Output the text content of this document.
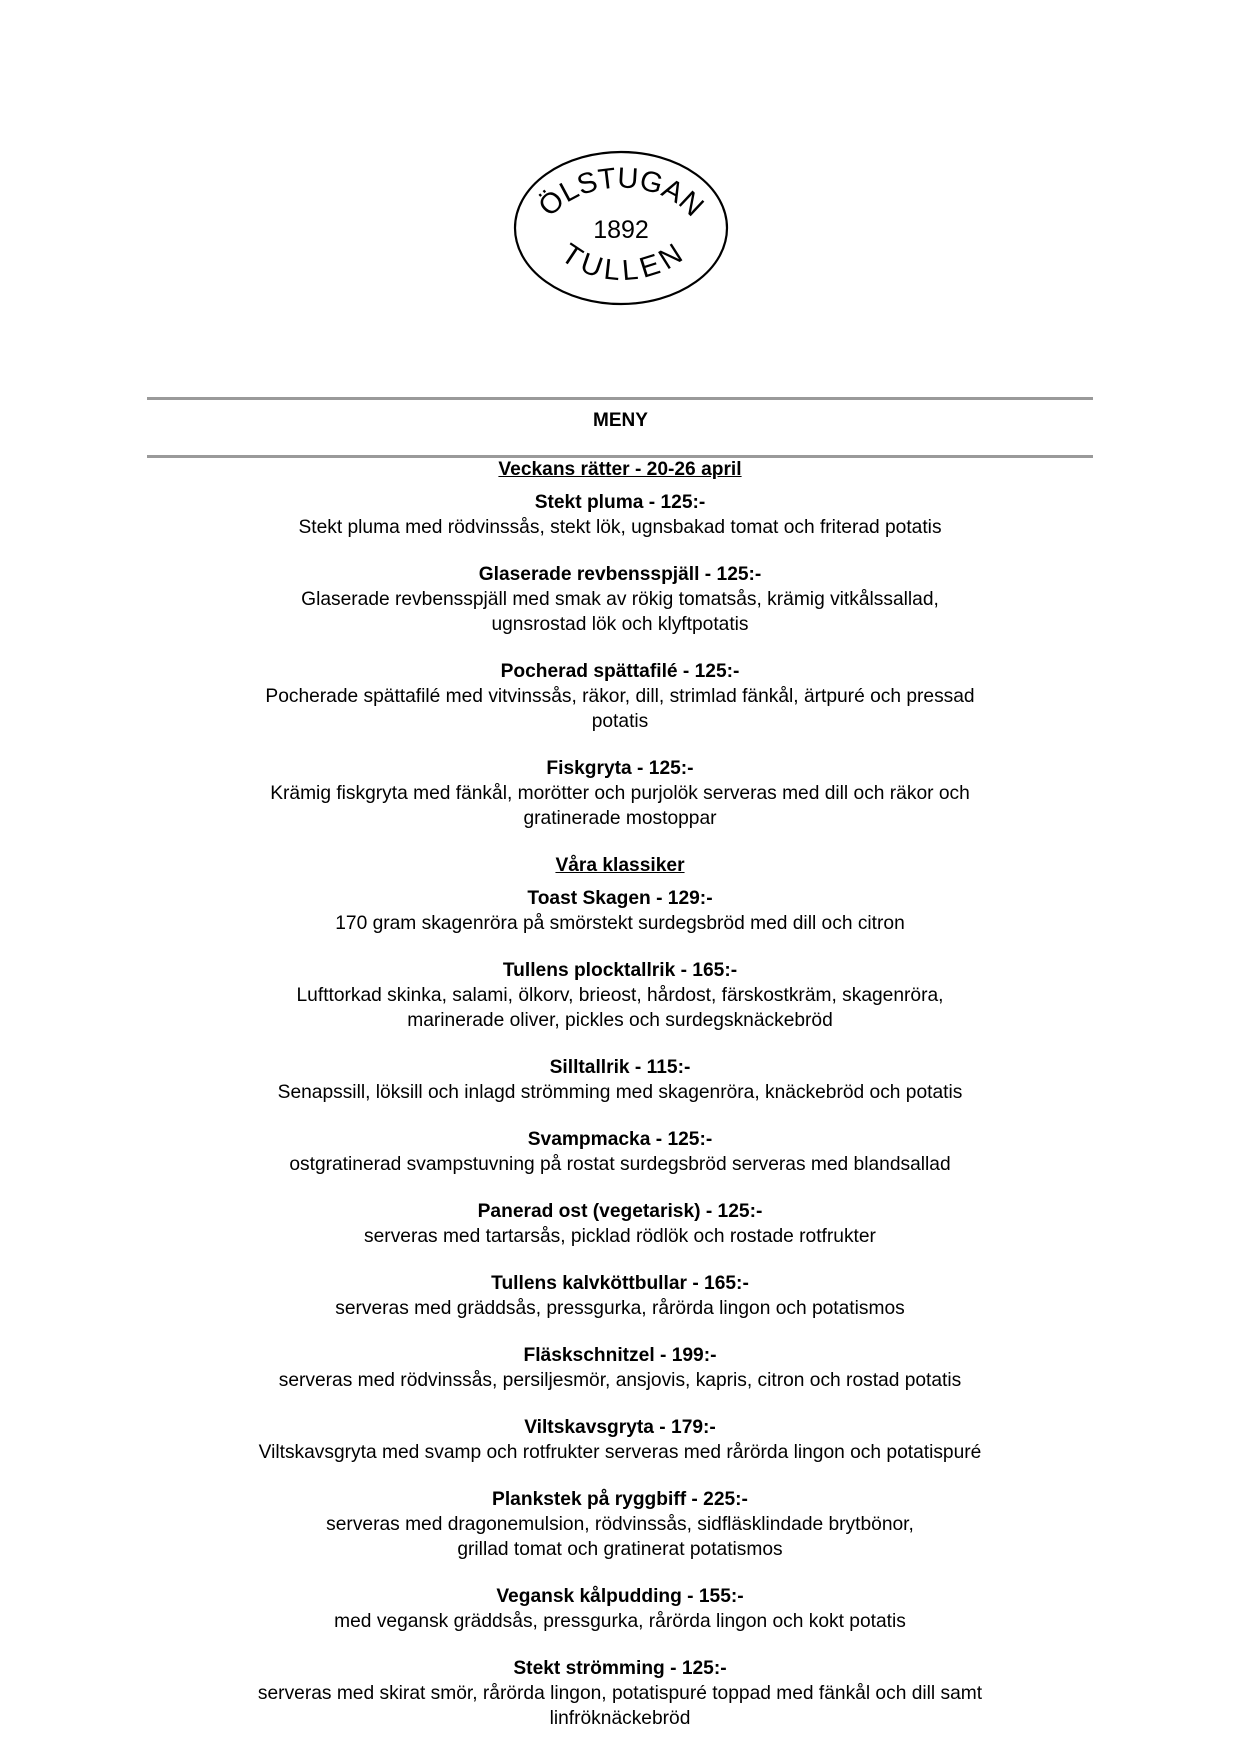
ÖLSTUGAN
1892
TULLEN
MENY

Veckans rätter - 20-26 april

Stekt pluma - 125:-

Stekt pluma med rödvinssås, stekt lök, ugnsbakad tomat och friterad potatis

Glaserade revbensspjäll - 125:-

Glaserade revbensspjäll med smak av rökig tomatsås, krämig vitkålssallad,

ugnsrostad lök och klyftpotatis

Pocherad spättafilé - 125:-

Pocherade spättafilé med vitvinssås, räkor, dill, strimlad fänkål, ärtpuré och pressad

potatis

Fiskgryta - 125:-

Krämig fiskgryta med fänkål, morötter och purjolök serveras med dill och räkor och

gratinerade mostoppar

Våra klassiker

Toast Skagen - 129:-

170 gram skagenröra på smörstekt surdegsbröd med dill och citron

Tullens plocktallrik - 165:-

Lufttorkad skinka, salami, ölkorv, brieost, hårdost, färskostkräm, skagenröra,

marinerade oliver, pickles och surdegsknäckebröd

Silltallrik - 115:-

Senapssill, löksill och inlagd strömming med skagenröra, knäckebröd och potatis

Svampmacka - 125:-

ostgratinerad svampstuvning på rostat surdegsbröd serveras med blandsallad

Panerad ost (vegetarisk) - 125:-

serveras med tartarsås, picklad rödlök och rostade rotfrukter

Tullens kalvköttbullar - 165:-

serveras med gräddsås, pressgurka, rårörda lingon och potatismos

Fläskschnitzel - 199:-

serveras med rödvinssås, persiljesmör, ansjovis, kapris, citron och rostad potatis

Viltskavsgryta - 179:-

Viltskavsgryta med svamp och rotfrukter serveras med rårörda lingon och potatispuré

Plankstek på ryggbiff - 225:-

serveras med dragonemulsion, rödvinssås, sidfläsklindade brytbönor,

grillad tomat och gratinerat potatismos

Vegansk kålpudding - 155:-

med vegansk gräddsås, pressgurka, rårörda lingon och kokt potatis

Stekt strömming - 125:-

serveras med skirat smör, rårörda lingon, potatispuré toppad med fänkål och dill samt

linfröknäckebröd
